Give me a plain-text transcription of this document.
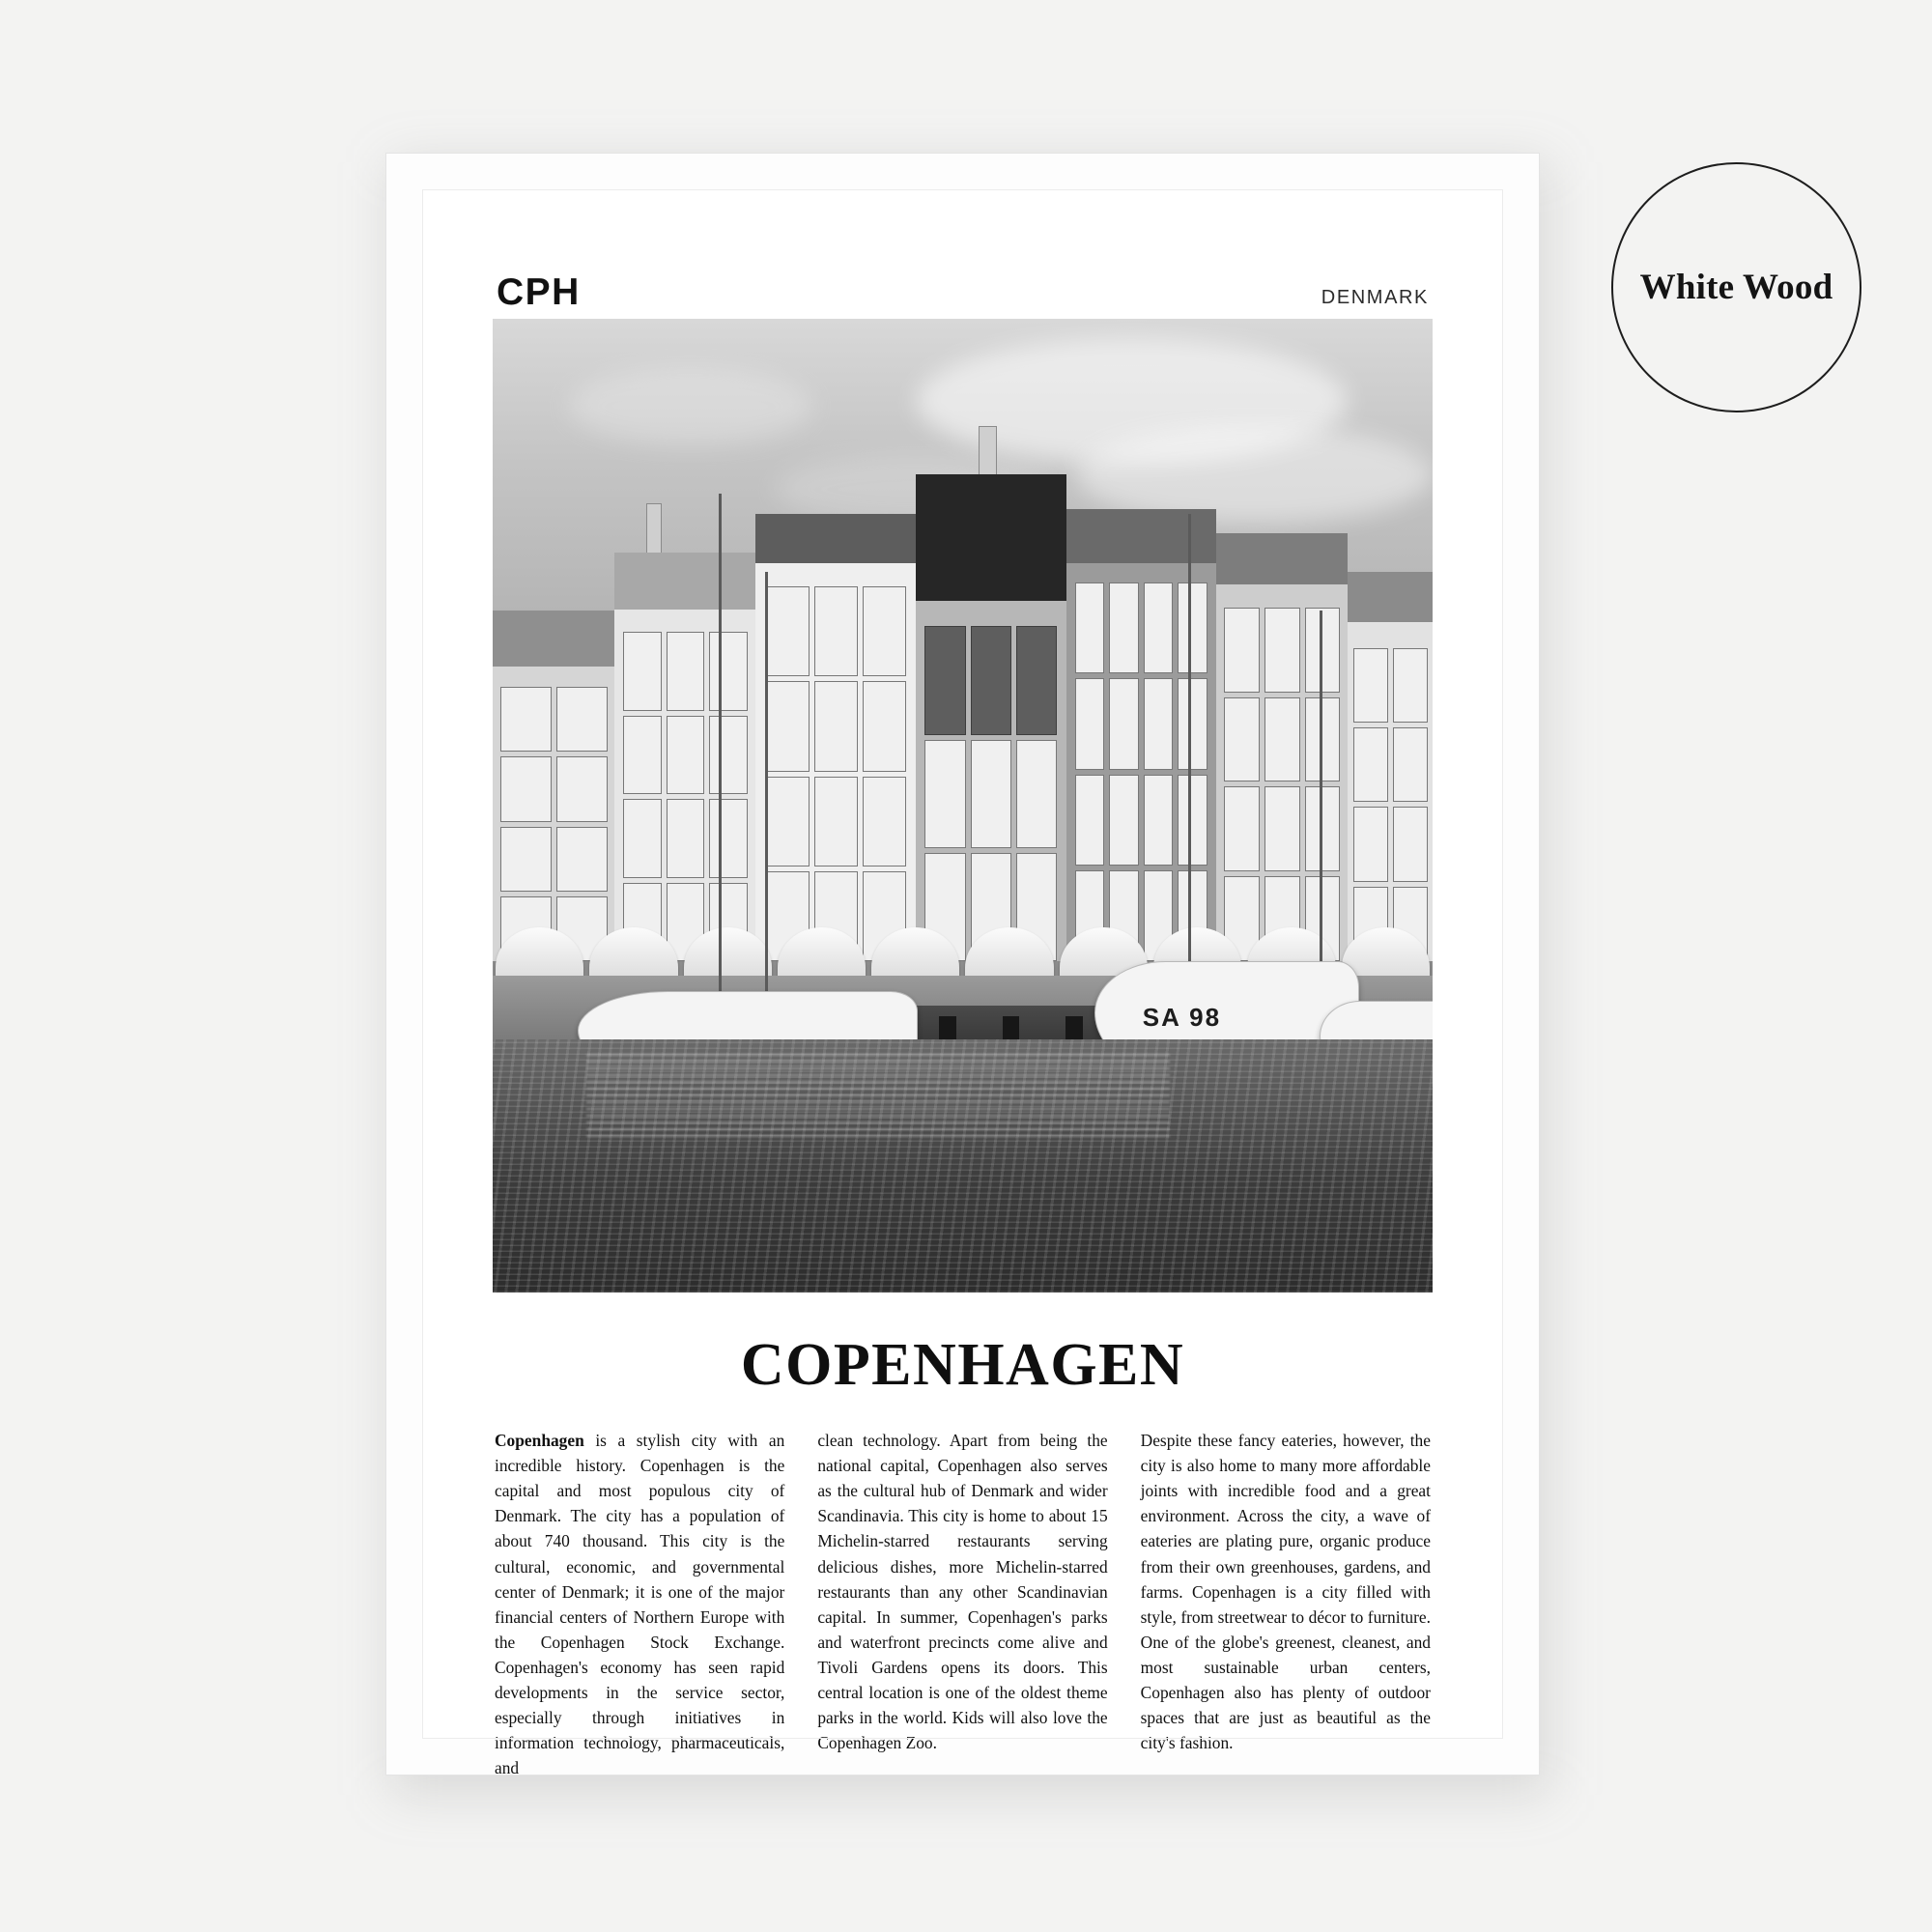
White Wood
CPH	DENMARK
SA 98
COPENHAGEN
Copenhagen is a stylish city with an incredible history. Copenhagen is the capital and most populous city of Denmark. The city has a population of about 740 thousand. This city is the cultural, economic, and governmental center of Denmark; it is one of the major financial centers of Northern Europe with the Copenhagen Stock Exchange. Copenhagen's economy has seen rapid developments in the service sector, especially through initiatives in information technology, pharmaceuticals, and
clean technology. Apart from being the national capital, Copenhagen also serves as the cultural hub of Denmark and wider Scandinavia. This city is home to about 15 Michelin-starred restaurants serving delicious dishes, more Michelin-starred restaurants than any other Scandinavian capital. In summer, Copenhagen's parks and waterfront precincts come alive and Tivoli Gardens opens its doors. This central location is one of the oldest theme parks in the world. Kids will also love the Copenhagen Zoo.
Despite these fancy eateries, however, the city is also home to many more affordable joints with incredible food and a great environment. Across the city, a wave of eateries are plating pure, organic produce from their own greenhouses, gardens, and farms. Copenhagen is a city filled with style, from streetwear to décor to furniture. One of the globe's greenest, cleanest, and most sustainable urban centers, Copenhagen also has plenty of outdoor spaces that are just as beautiful as the city's fashion.
